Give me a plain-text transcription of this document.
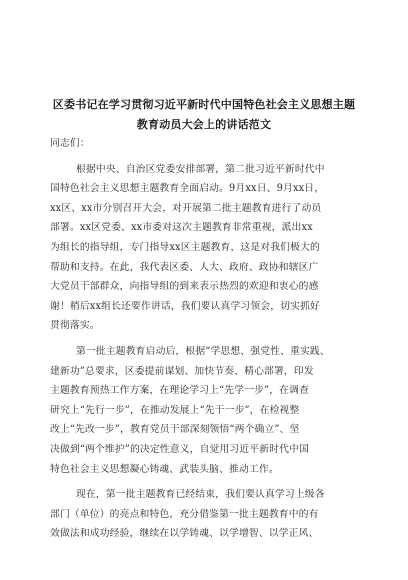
区委书记在学习贯彻习近平新时代中国特色社会主义思想主题
教育动员大会上的讲话范文
同志们：
根据中央、自治区党委安排部署，第二批习近平新时代中
国特色社会主义思想主题教育全面启动。9月xx日、9月xx日，
xx区、xx市分别召开大会，对开展第二批主题教育进行了动员
部署。xx区党委、xx市委对这次主题教育非常重视，派出xx
为组长的指导组，专门指导xx区主题教育，这是对我们极大的
帮助和支持。在此，我代表区委、人大、政府、政协和辖区广
大党员干部群众，向指导组的到来表示热烈的欢迎和衷心的感
谢！稍后xx组长还要作讲话，我们要认真学习领会，切实抓好
贯彻落实。
第一批主题教育启动后，根据“学思想、强党性、重实践、
建新功”总要求，区委提前谋划、加快节奏、精心部署，印发
主题教育预热工作方案，在理论学习上“先学一步”，在调查
研究上“先行一步”，在推动发展上“先干一步”，在检视整
改上“先改一步”，教育党员干部深刻领悟“两个确立”、坚
决做到“两个维护”的决定性意义，自觉用习近平新时代中国
特色社会主义思想凝心铸魂、武装头脑、推动工作。
现在，第一批主题教育已经结束，我们要认真学习上级各
部门（单位）的亮点和特色，充分借鉴第一批主题教育中的有
效做法和成功经验，继续在以学铸魂、以学增智、以学正风、
